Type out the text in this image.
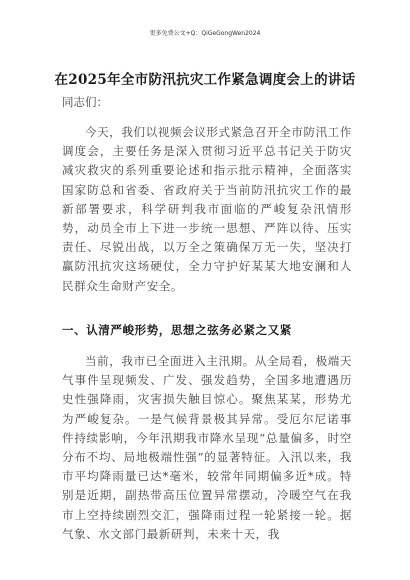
更多免费公文+Q：QiGeGongWen2024
在2025年全市防汛抗灾工作紧急调度会上的讲话
同志们：

今天，我们以视频会议形式紧急召开全市防汛工作调度会，主要任务是深入贯彻习近平总书记关于防灾减灾救灾的系列重要论述和指示批示精神，全面落实国家防总和省委、省政府关于当前防汛抗灾工作的最新部署要求，科学研判我市面临的严峻复杂汛情形势，动员全市上下进一步统一思想、严阵以待、压实责任、尽锐出战，以万全之策确保万无一失，坚决打赢防汛抗灾这场硬仗，全力守护好某某大地安澜和人民群众生命财产安全。

一、认清严峻形势，思想之弦务必紧之又紧

当前，我市已全面进入主汛期。从全局看，极端天气事件呈现频发、广发、强发趋势，全国多地遭遇历史性强降雨，灾害损失触目惊心。聚焦某某，形势尤为严峻复杂。一是气候背景极其异常。受厄尔尼诺事件持续影响，今年汛期我市降水呈现“总量偏多，时空分布不均、局地极端性强”的显著特征。入汛以来，我市平均降雨量已达*毫米，较常年同期偏多近*成。特别是近期，副热带高压位置异常摆动，冷暖空气在我市上空持续剧烈交汇，强降雨过程一轮紧接一轮。据气象、水文部门最新研判，未来十天，我
